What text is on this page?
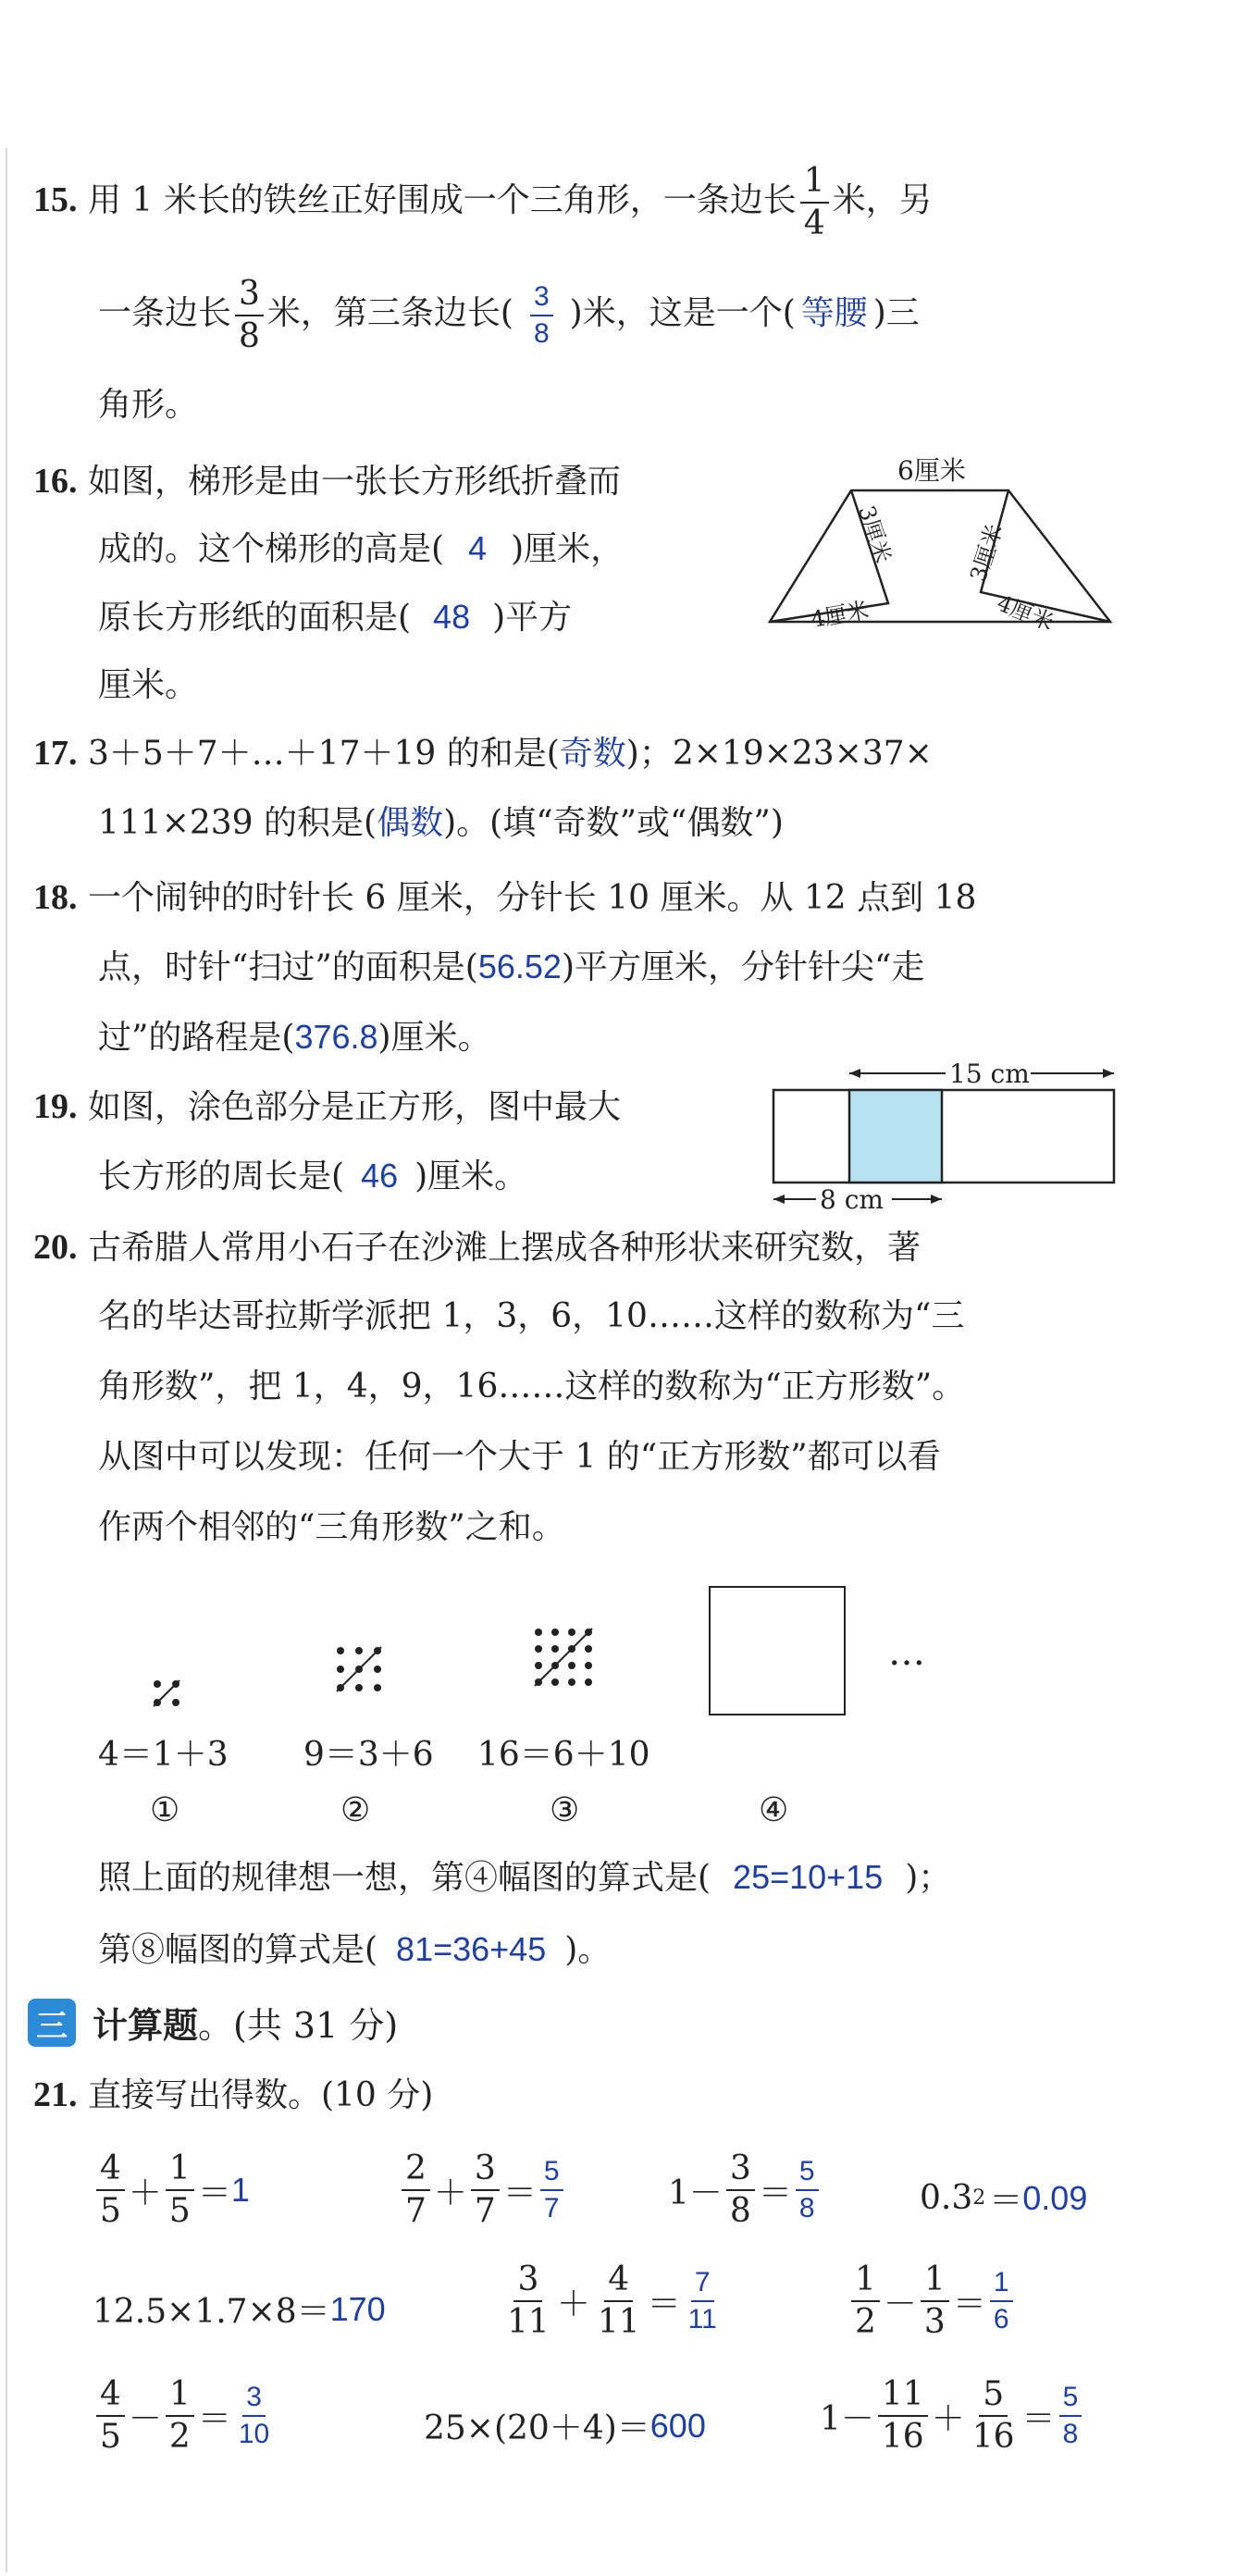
15. 用 1 米长的铁丝正好围成一个三角形，一条边长 $\frac{1}{4}$ 米，另
一条边长 $\frac{3}{8}$ 米，第三条边长( $\frac{3}{8}$ )米，这是一个( 等腰 )三
角形。
16. 如图，梯形是由一张长方形纸折叠而
成的。这个梯形的高是( 4 )厘米，
原长方形纸的面积是( 48 )平方
厘米。
6厘米
3厘米	3厘米
4厘米	4厘米
17. 3＋5＋7＋…＋17＋19 的和是(奇数)；2×19×23×37×
111×239 的积是(偶数)。(填“奇数”或“偶数”)
18. 一个闹钟的时针长 6 厘米，分针长 10 厘米。从 12 点到 18
点，时针“扫过”的面积是(56.52)平方厘米，分针针尖“走
过”的路程是(376.8)厘米。
19. 如图，涂色部分是正方形，图中最大
长方形的周长是( 46 )厘米。
15 cm
8 cm
20. 古希腊人常用小石子在沙滩上摆成各种形状来研究数，著
名的毕达哥拉斯学派把 1，3，6，10……这样的数称为“三
角形数”，把 1，4，9，16……这样的数称为“正方形数”。
从图中可以发现：任何一个大于 1 的“正方形数”都可以看
作两个相邻的“三角形数”之和。
…
4＝1＋3 9＝3＋6 16＝6＋10
①	②	③	④
照上面的规律想一想，第④幅图的算式是( 25=10+15 )；
第⑧幅图的算式是( 81=36+45 )。
三 计算题。(共 31 分)
21. 直接写出得数。(10 分)
$\frac{4}{5} + \frac{1}{5} = 1$	$\frac{2}{7} + \frac{3}{7} = \frac{5}{7}$	$1- \frac{3}{8} = \frac{5}{8}$	0.3 2 ＝ 0.09
12.5×1.7×8＝ 170	$\frac{3}{11} + \frac{4}{11} = \frac{7}{11}$	$\frac{1}{2} - \frac{1}{3} = \frac{1}{6}$
$\frac{4}{5} - \frac{1}{2} = \frac{3}{10}$	25×(20＋4)＝ 600	$1- \frac{11}{16} + \frac{5}{16} = \frac{5}{8}$
